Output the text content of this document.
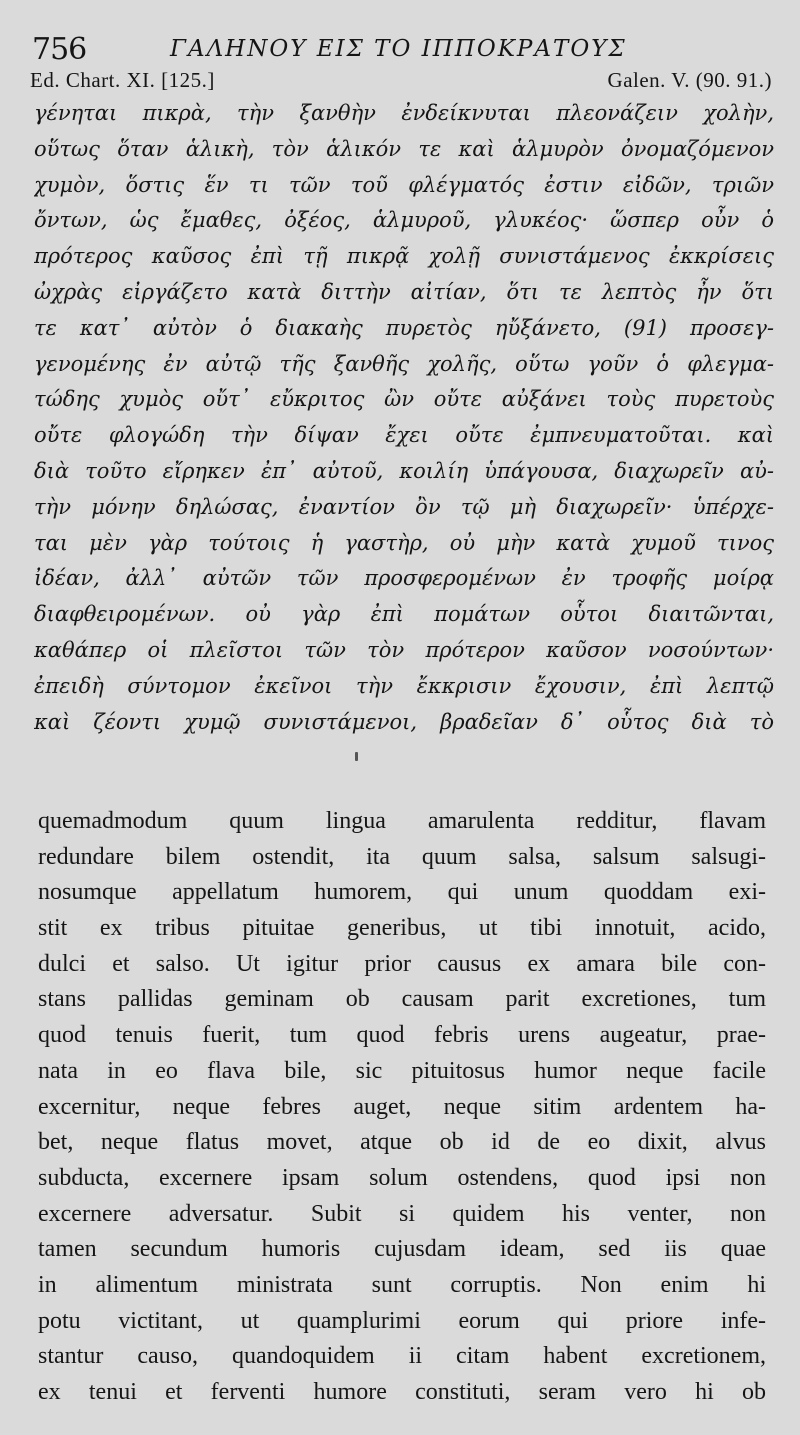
756	ΓΑΛΗΝΟΥ ΕΙΣ ΤΟ ΙΠΠΟΚΡΑΤΟΥΣ
Ed. Chart. XI. [125.]	Galen. V. (90. 91.)
γένηται πικρὰ, τὴν ξανθὴν ἐνδείκνυται πλεονάζειν χολὴν,
οὕτως ὅταν ἁλικὴ, τὸν ἁλικόν τε καὶ ἁλμυρὸν ὀνομαζόμενον
χυμὸν, ὅστις ἕν τι τῶν τοῦ φλέγματός ἐστιν εἰδῶν, τριῶν
ὄντων, ὡς ἔμαθες, ὀξέος, ἁλμυροῦ, γλυκέος· ὥσπερ οὖν ὁ
πρότερος καῦσος ἐπὶ τῇ πικρᾷ χολῇ συνιστάμενος ἐκκρίσεις
ὠχρὰς εἰργάζετο κατὰ διττὴν αἰτίαν, ὅτι τε λεπτὸς ἦν ὅτι
τε κατ᾽ αὐτὸν ὁ διακαὴς πυρετὸς ηὔξάνετο, (91) προσεγ-
γενομένης ἐν αὐτῷ τῆς ξανθῆς χολῆς, οὕτω γοῦν ὁ φλεγμα-
τώδης χυμὸς οὔτ᾽ εὔκριτος ὢν οὔτε αὐξάνει τοὺς πυρετοὺς
οὔτε φλογώδη τὴν δίψαν ἔχει οὔτε ἐμπνευματοῦται. καὶ
διὰ τοῦτο εἴρηκεν ἐπ᾽ αὐτοῦ, κοιλίη ὑπάγουσα, διαχωρεῖν αὐ-
τὴν μόνην δηλώσας, ἐναντίον ὂν τῷ μὴ διαχωρεῖν· ὑπέρχε-
ται μὲν γὰρ τούτοις ἡ γαστὴρ, οὐ μὴν κατὰ χυμοῦ τινος
ἰδέαν, ἀλλ᾽ αὐτῶν τῶν προσφερομένων ἐν τροφῆς μοίρᾳ
διαφθειρομένων. οὐ γὰρ ἐπὶ πομάτων οὗτοι διαιτῶνται,
καθάπερ οἱ πλεῖστοι τῶν τὸν πρότερον καῦσον νοσούντων·
ἐπειδὴ σύντομον ἐκεῖνοι τὴν ἔκκρισιν ἔχουσιν, ἐπὶ λεπτῷ
καὶ ζέοντι χυμῷ συνιστάμενοι, βραδεῖαν δ᾽ οὗτος διὰ τὸ
quemadmodum quum lingua amarulenta redditur, flavam
redundare bilem ostendit, ita quum salsa, salsum salsugi-
nosumque appellatum humorem, qui unum quoddam exi-
stit ex tribus pituitae generibus, ut tibi innotuit, acido,
dulci et salso. Ut igitur prior causus ex amara bile con-
stans pallidas geminam ob causam parit excretiones, tum
quod tenuis fuerit, tum quod febris urens augeatur, prae-
nata in eo flava bile, sic pituitosus humor neque facile
excernitur, neque febres auget, neque sitim ardentem ha-
bet, neque flatus movet, atque ob id de eo dixit, alvus
subducta, excernere ipsam solum ostendens, quod ipsi non
excernere adversatur. Subit si quidem his venter, non
tamen secundum humoris cujusdam ideam, sed iis quae
in alimentum ministrata sunt corruptis. Non enim hi
potu victitant, ut quamplurimi eorum qui priore infe-
stantur causo, quandoquidem ii citam habent excretionem,
ex tenui et ferventi humore constituti, seram vero hi ob
